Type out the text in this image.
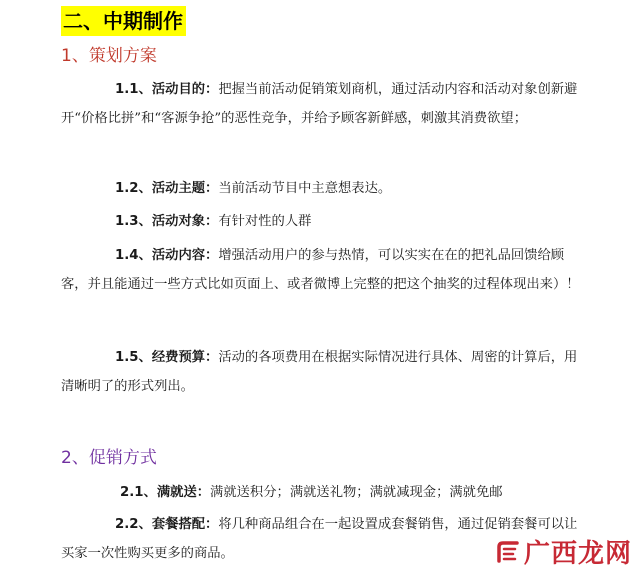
二、中期制作
1、策划方案

1.1、活动目的：把握当前活动促销策划商机，通过活动内容和活动对象创新避开“价格比拼”和“客源争抢”的恶性竞争，并给予顾客新鲜感，刺激其消费欲望；

1.2、活动主题：当前活动节目中主意想表达。

1.3、活动对象：有针对性的人群

1.4、活动内容：增强活动用户的参与热情，可以实实在在的把礼品回馈给顾客，并且能通过一些方式比如页面上、或者微博上完整的把这个抽奖的过程体现出来）！

1.5、经费预算：活动的各项费用在根据实际情况进行具体、周密的计算后，用清晰明了的形式列出。

2、促销方式
2.1、满就送：满就送积分；满就送礼物；满就减现金；满就免邮

2.2、套餐搭配：将几种商品组合在一起设置成套餐销售，通过促销套餐可以让买家一次性购买更多的商品。	广西龙网
